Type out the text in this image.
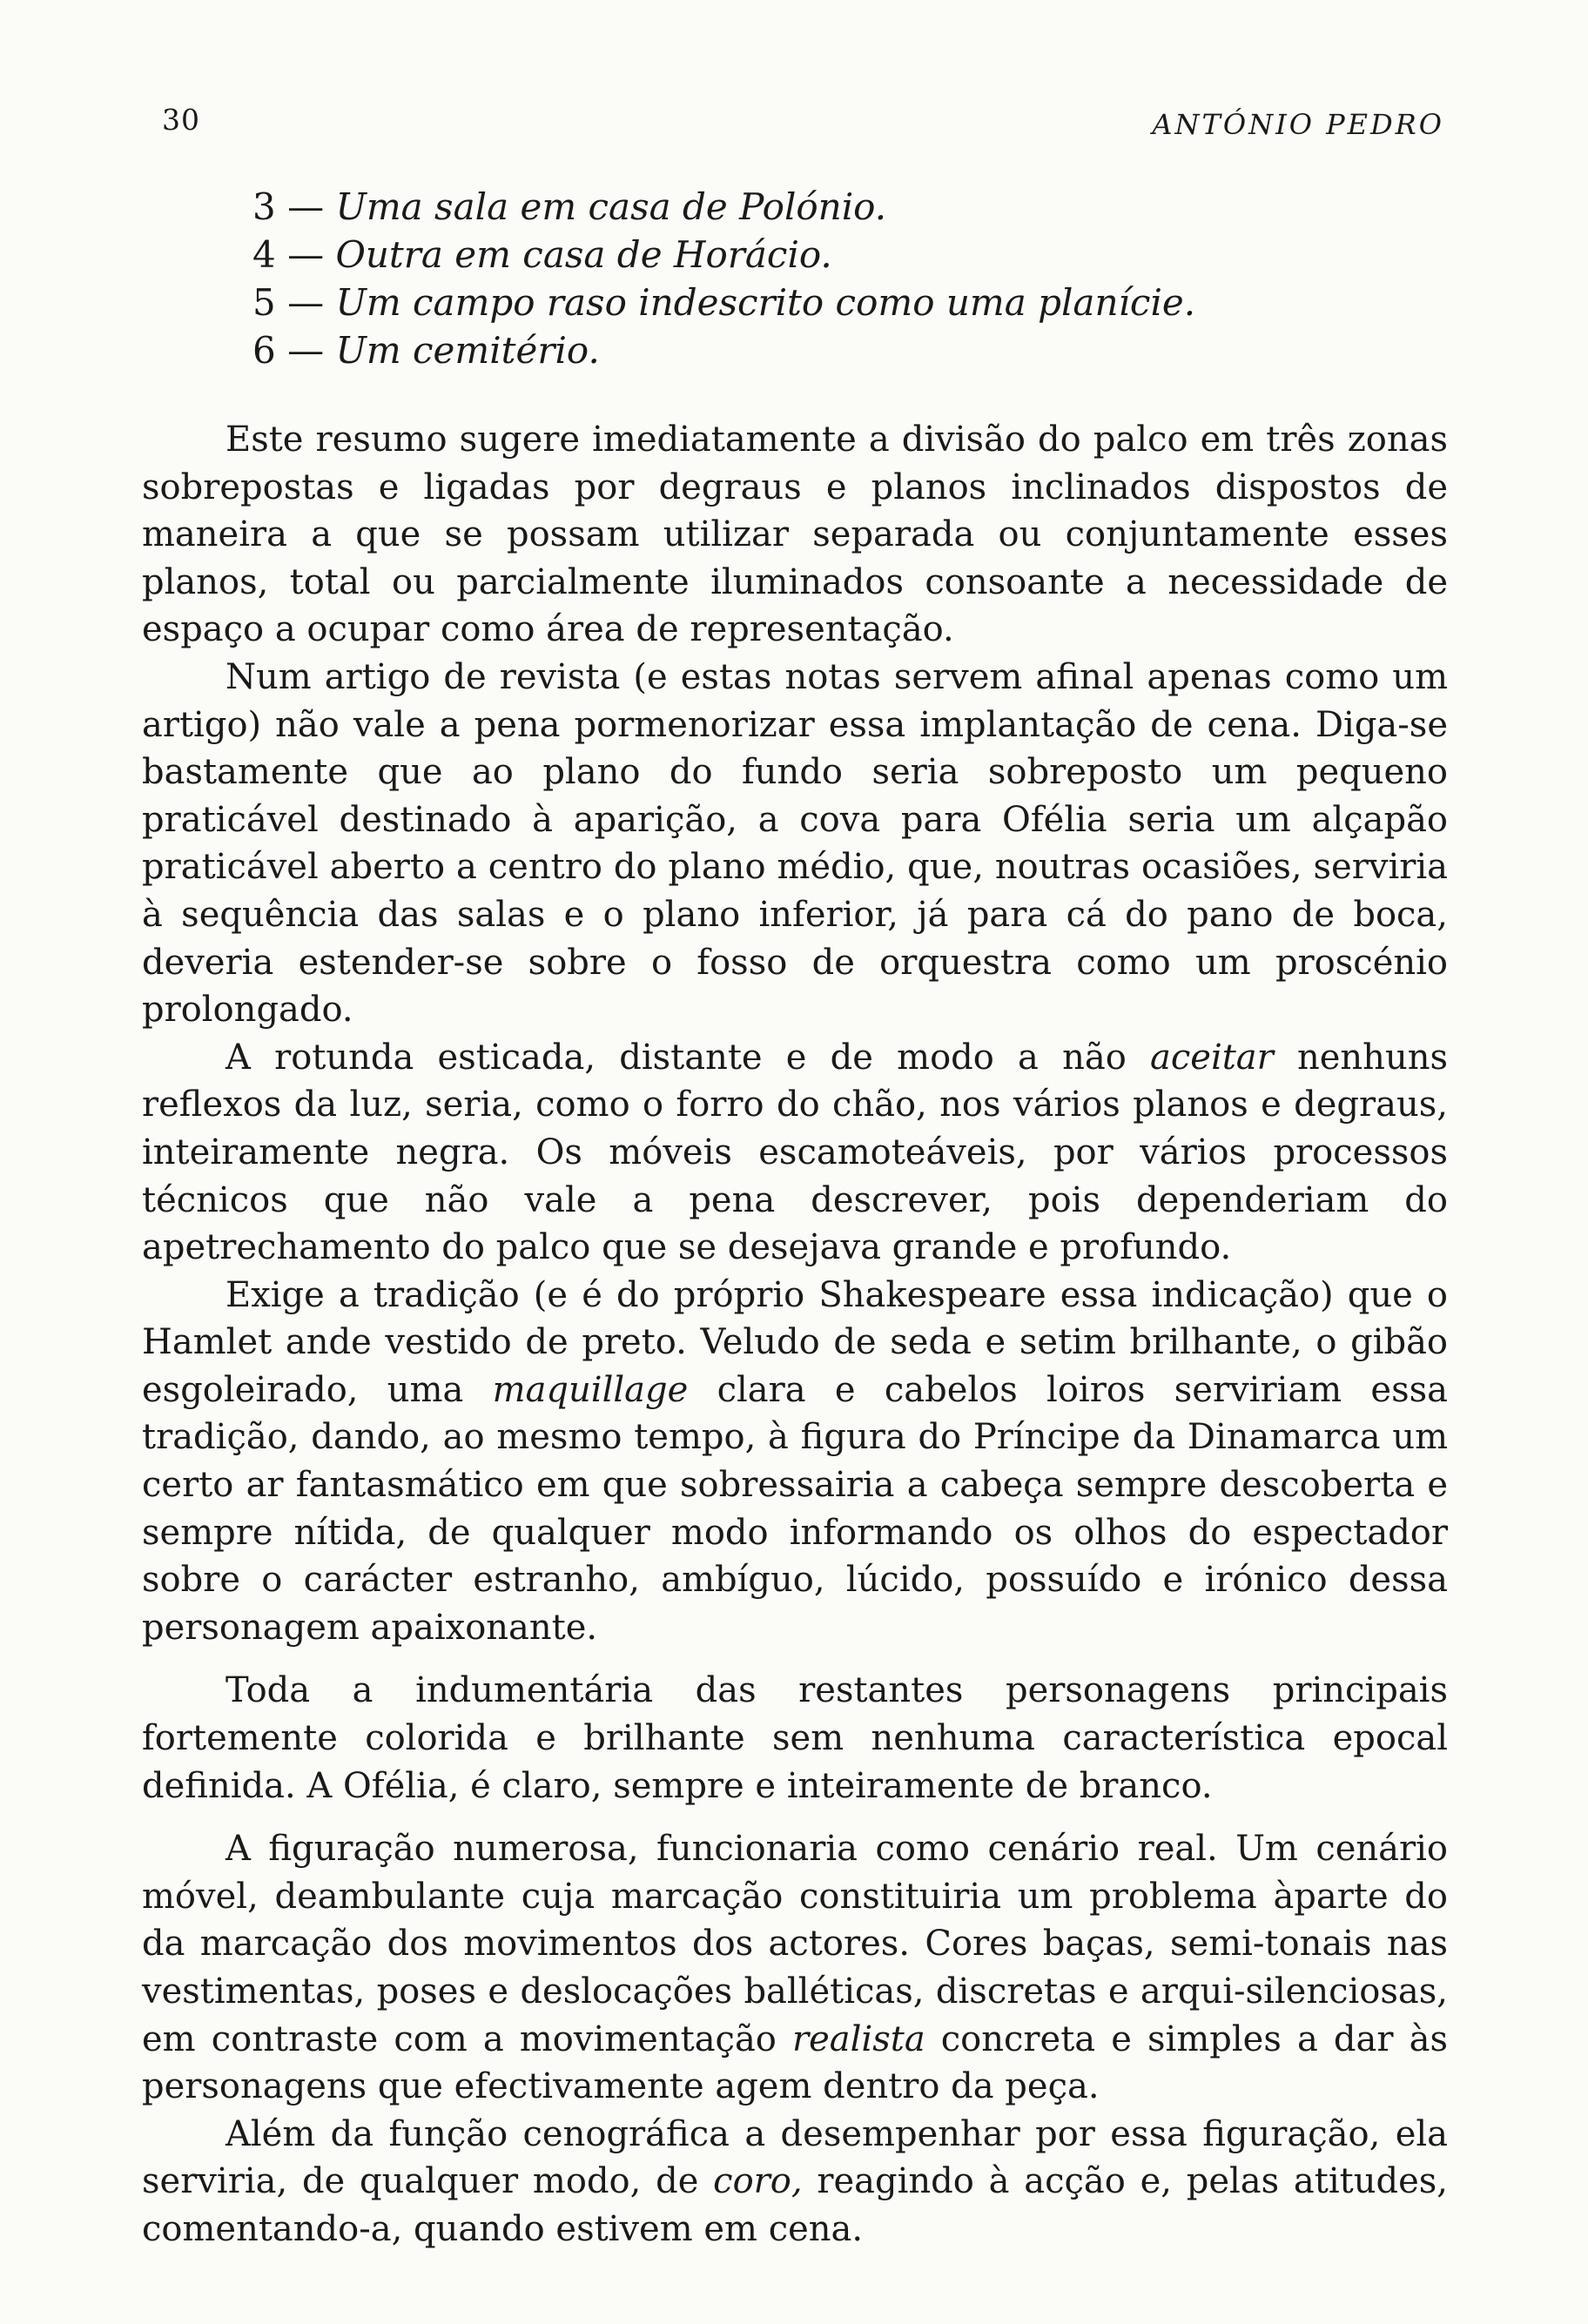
30	ANTÓNIO PEDRO
3 — Uma sala em casa de Polónio.
4 — Outra em casa de Horácio.
5 — Um campo raso indescrito como uma planície.
6 — Um cemitério.

Este resumo sugere imediatamente a divisão do palco em três zonas sobrepostas e ligadas por degraus e planos inclinados dispostos de maneira a que se possam utilizar separada ou conjuntamente esses planos, total ou parcialmente iluminados consoante a necessidade de espaço a ocupar como área de representação.

Num artigo de revista (e estas notas servem afinal apenas como um artigo) não vale a pena pormenorizar essa implantação de cena. Diga-se bastamente que ao plano do fundo seria sobreposto um pequeno praticável destinado à aparição, a cova para Ofélia seria um alçapão praticável aberto a centro do plano médio, que, noutras ocasiões, serviria à sequência das salas e o plano inferior, já para cá do pano de boca, deveria estender-se sobre o fosso de orquestra como um proscénio prolongado.

A rotunda esticada, distante e de modo a não aceitar nenhuns reflexos da luz, seria, como o forro do chão, nos vários planos e degraus, inteiramente negra. Os móveis escamoteáveis, por vários processos técnicos que não vale a pena descrever, pois dependeriam do apetrechamento do palco que se desejava grande e profundo.

Exige a tradição (e é do próprio Shakespeare essa indicação) que o Hamlet ande vestido de preto. Veludo de seda e setim brilhante, o gibão esgoleirado, uma maquillage clara e cabelos loiros serviriam essa tradição, dando, ao mesmo tempo, à figura do Príncipe da Dinamarca um certo ar fantasmático em que sobressairia a cabeça sempre descoberta e sempre nítida, de qualquer modo informando os olhos do espectador sobre o carácter estranho, ambíguo, lúcido, possuído e irónico dessa personagem apaixonante.

Toda a indumentária das restantes personagens principais fortemente colorida e brilhante sem nenhuma característica epocal definida. A Ofélia, é claro, sempre e inteiramente de branco.

A figuração numerosa, funcionaria como cenário real. Um cenário móvel, deambulante cuja marcação constituiria um problema àparte do da marcação dos movimentos dos actores. Cores baças, semi-tonais nas vestimentas, poses e deslocações balléticas, discretas e arqui-silenciosas, em contraste com a movimentação realista concreta e simples a dar às personagens que efectivamente agem dentro da peça.

Além da função cenográfica a desempenhar por essa figuração, ela serviria, de qualquer modo, de coro, reagindo à acção e, pelas atitudes, comentando-a, quando estivem em cena.
